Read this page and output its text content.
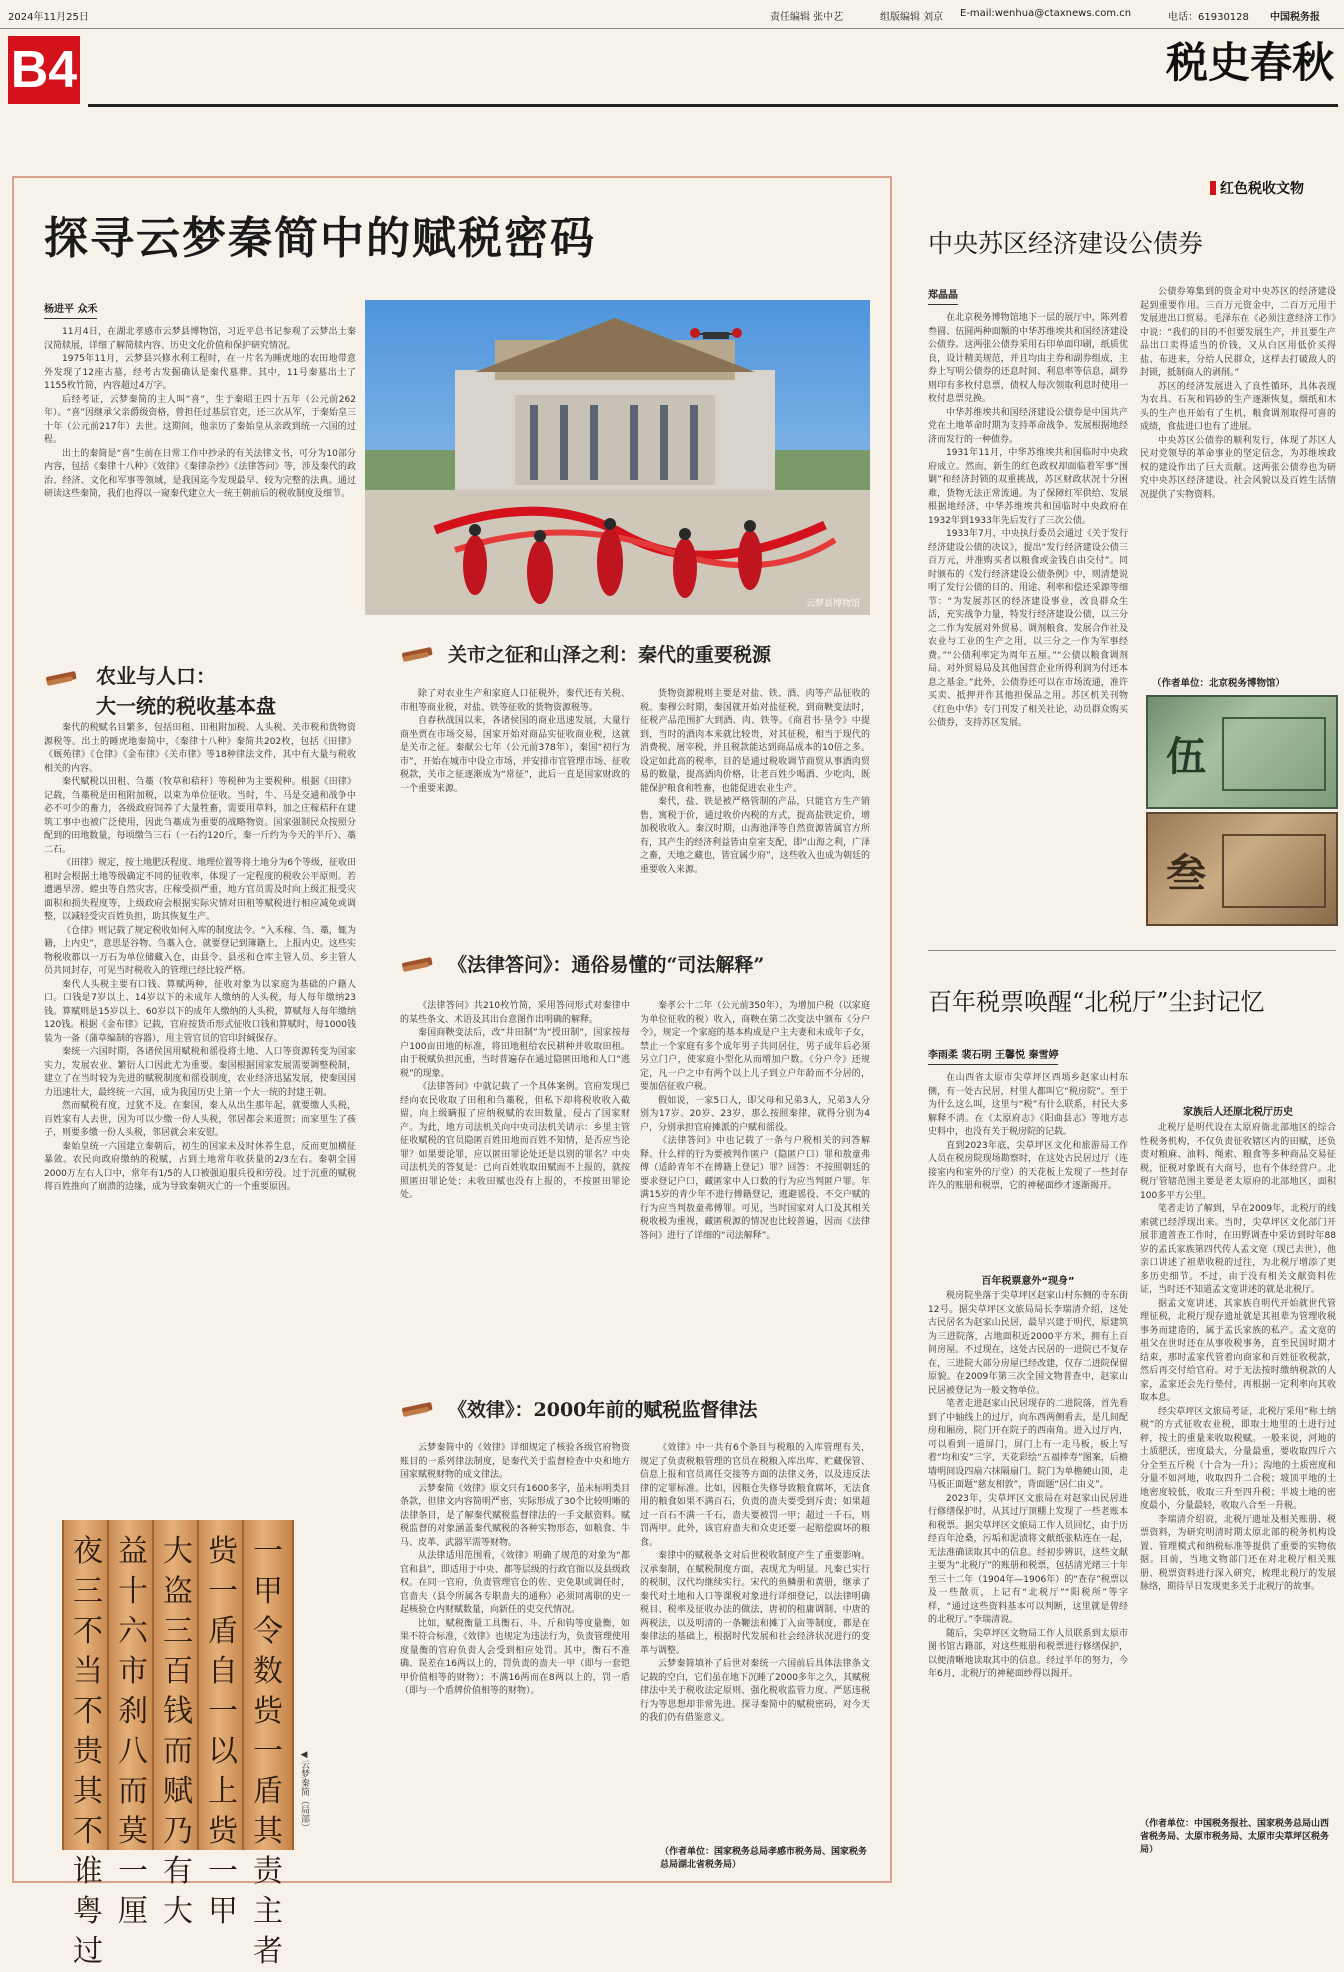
2024年11月25日	责任编辑 张中艺	组版编辑 刘京 E-mail:wenhua@ctaxnews.com.cn	电话：61930128 中国税务报
B4	税史春秋
探寻云梦秦简中的赋税密码
杨进平 众禾

11月4日，在湖北孝感市云梦县博物馆，习近平总书记参观了云梦出土秦汉简牍展，详细了解简牍内容、历史文化价值和保护研究情况。

1975年11月，云梦县兴修水利工程时，在一片名为睡虎地的农田地带意外发现了12座古墓，经考古发掘确认是秦代墓葬。其中，11号秦墓出土了1155枚竹简，内容超过4万字。

后经考证，云梦秦简的主人叫“喜”，生于秦昭王四十五年（公元前262年）。“喜”因继承父亲爵级资格，曾担任过基层官吏，还三次从军，于秦始皇三十年（公元前217年）去世。这期间，他亲历了秦始皇从亲政到统一六国的过程。

出土的秦简是“喜”生前在日常工作中抄录的有关法律文书，可分为10部分内容，包括《秦律十八种》《效律》《秦律杂抄》《法律答问》等，涉及秦代的政治、经济、文化和军事等领域，是我国迄今发现最早、较为完整的法典。通过研读这些秦简，我们也得以一窥秦代建立大一统王朝前后的税收制度及细节。

云梦县博物馆
农业与人口：
大一统的税收基本盘

秦代的税赋名目繁多，包括田租、田租附加税、人头税、关市税和货物资源税等。出土的睡虎地秦简中，《秦律十八种》秦简共202枚，包括《田律》《厩苑律》《仓律》《金布律》《关市律》等18种律法文件，其中有大量与税收相关的内容。

秦代赋税以田租、刍藁（牧草和秸秆）等税种为主要税种。根据《田律》记载，刍藁税是田租附加税，以束为单位征收。当时，牛、马是交通和战争中必不可少的畜力，各级政府饲养了大量牲畜，需要用草料，加之庄稼秸秆在建筑工事中也被广泛使用，因此刍藁成为重要的战略物资。国家强制民众按照分配到的田地数量，每顷缴刍三石（一石约120斤，秦一斤约为今天的半斤）、藁二石。

《田律》规定，按土地肥沃程度、地理位置等将土地分为6个等级，征收田租时会根据土地等级确定不同的征收率，体现了一定程度的税收公平原则。若遭遇旱涝、蝗虫等自然灾害，庄稼受损严重，地方官员需及时向上级汇报受灾面积和损失程度等，上级政府会根据实际灾情对田租等赋税进行相应减免或调整，以减轻受灾百姓负担，助其恢复生产。

《仓律》则记载了规定税收如何入库的制度法令。“入禾稼、刍、藁，辄为籍，上内史”，意思是谷物、刍藁入仓，就要登记到簿籍上，上报内史。这些实物税收都以一万石为单位储藏入仓，由县令、县丞和仓库主管人员、乡主管人员共同封存，可见当时税收入的管理已经比较严格。

秦代人头税主要有口钱、算赋两种，征收对象为以家庭为基础的户籍人口。口钱是7岁以上、14岁以下的未成年人缴纳的人头税，每人每年缴纳23钱。算赋则是15岁以上、60岁以下的成年人缴纳的人头税，算赋每人每年缴纳120钱。根据《金布律》记载，官府按货币形式征收口钱和算赋时，每1000钱装为一备（蒲草编制的容器），用主管官员的官印封缄保存。

秦统一六国时期，各诸侯国用赋税和徭役将土地、人口等资源转变为国家实力，发展农业、繁衍人口因此尤为重要。秦国根据国家发展需要调整税制，建立了在当时较为先进的赋税制度和徭役制度，农业经济迅猛发展，使秦国国力迅速壮大，最终统一六国，成为我国历史上第一个大一统的封建王朝。

然而赋税有度，过犹不及。在秦国，秦人从出生那年起，就要缴人头税，百姓家有人去世，因为可以少缴一份人头税，邻居都会来道贺；而家里生了孩子，则要多缴一份人头税，邻居就会来安慰。

秦始皇统一六国建立秦朝后，初生的国家未及时休养生息，反而更加横征暴敛。农民向政府缴纳的税赋，占到土地常年收获量的2/3左右。秦朝全国2000万左右人口中，常年有1/5的人口被强迫服兵役和劳役。过于沉重的赋税将百姓推向了崩溃的边缘，成为导致秦朝灭亡的一个重要原因。

夜三不当不贵其不谁粤过
益十六市刹八而莫一厘
大盗三百钱而赋乃有大
赀一盾自一以上赀一甲
一甲令数赀一盾其责主者
◀云梦秦简（局部）
关市之征和山泽之利：秦代的重要税源

除了对农业生产和家庭人口征税外，秦代还有关税、市租等商业税，对盐、铁等征收的货物资源税等。

自春秋战国以来，各诸侯国的商业迅速发展，大量行商坐贾在市场交易，国家开始对商品实征收商业税，这就是关市之征。秦献公七年（公元前378年），秦国“初行为市”，开始在城市中设立市场，并安排市官管理市场、征收税款，关市之征逐渐成为“常征”，此后一直是国家财政的一个重要来源。

货物资源税则主要是对盐、铁、酒、肉等产品征收的税。秦穆公时期，秦国就开始对盐征税，到商鞅变法时，征税产品范围扩大到酒、肉、铁等。《商君书·垦令》中提到，当时的酒肉本来就比较贵，对其征税，相当于现代的消费税、屠宰税，并且税款能达到商品成本的10倍之多。设定如此高的税率，目的是通过税收调节商贸从事酒肉贸易的数量，提高酒肉价格，让老百姓少喝酒、少吃肉，既能保护粮食和牲畜，也能促进农业生产。

秦代，盐、铁是被严格管制的产品，只能官方生产销售，寓税于价，通过收价内税的方式，提高盐铁定价，增加税收收入。秦汉时期，山海池泽等自然资源皆属官方所有，其产生的经济利益皆由皇室支配，即“山海之利，广泽之畜，天地之藏也，皆宜属少府”，这些收入也成为朝廷的重要收入来源。

《法律答问》：通俗易懂的“司法解释”

《法律答问》共210枚竹简，采用答问形式对秦律中的某些条文、术语及其出台意图作出明确的解释。

秦国商鞅变法后，改“井田制”为“授田制”，国家按每户100亩田地的标准，将田地租给农民耕种并收取田租。由于税赋负担沉重，当时普遍存在通过隐匿田地和人口“逃税”的现象。

《法律答问》中就记载了一个具体案例。官府发现已经向农民收取了田租和刍藁税，但私下却将税收收入截留，向上级瞒报了应纳税赋的农田数量，侵占了国家财产。为此，地方司法机关向中央司法机关请示：乡里主管征收赋税的官员隐匿百姓田地而百姓不知情，是否应当论罪？如果要论罪，应以匿田罪论处还是以别的罪名？中央司法机关的答复是：已向百姓收取田赋而不上报的，就按照匿田罪论处；未收田赋也没有上报的，不按匿田罪论处。

秦孝公十二年（公元前350年），为增加户税（以家庭为单位征收的税）收入，商鞅在第二次变法中颁布《分户令》，规定一个家庭的基本构成是户主夫妻和未成年子女，禁止一个家庭有多个成年男子共同居住，男子成年后必须另立门户，使家庭小型化从而增加户数。《分户令》还规定，凡一户之中有两个以上儿子到立户年龄而不分居的，要加倍征收户税。

假如说，一家5口人，即父母和兄弟3人，兄弟3人分别为17岁、20岁、23岁，那么按照秦律，就得分别为4户，分别承担官府摊派的户赋和徭役。

《法律答问》中也记载了一条与户税相关的问答解释。什么样的行为要被判作匿户（隐匿户口）罪和敖童弗傅（适龄青年不在傅籍上登记）罪？回答：不按照朝廷的要求登记户口，藏匿家中人口数的行为应当判匿户罪。年满15岁的青少年不进行傅籍登记，逃避徭役、不交户赋的行为应当判敖童弗傅罪。可见，当时国家对人口及其相关税收极为重视，藏匿税源的情况也比较普遍，因而《法律答问》进行了详细的“司法解释”。

《效律》：2000年前的赋税监督律法

云梦秦简中的《效律》详细规定了核验各级官府物资账目的一系列律法制度，是秦代关于监督检查中央和地方国家赋税财物的成文律法。

云梦秦简《效律》原文只有1600多字，虽未标明类目条款，但律文内容简明严密，实际形成了30个比较明晰的法律条目，是了解秦代赋税监督律法的一手文献资料。赋税监督的对象涵盖秦代赋税的各种实物形态，如粮食、牛马、皮革、武器军需等财物。

从法律适用范围看，《效律》明确了规范的对象为“都官和县”，即适用于中央、都等层级的行政官衙以及县级政权。在同一官府，负责管理官仓的佐、史免职或调任时，官啬夫（县令所属各专职啬夫的通称）必须同离职的史一起核验仓内财赋数量，向新任的吏交代情况。

比如，赋税衡量工具衡石、斗、斤和钩等度量衡，如果不符合标准，《效律》也规定为违法行为，负责管理使用度量衡的官府负责人会受到相应处罚。其中，衡石不准确、误差在16两以上的，罚负责的啬夫一甲（即与一套铠甲价值相等的财物）；不满16两而在8两以上的，罚一盾（即与一个盾牌价值相等的财物）。

《效律》中一共有6个条目与税粮的入库管理有关，规定了负责税粮管理的官员在税粮入库出库、贮藏保管、信息上报和官员离任交接等方面的法律义务，以及违反法律的定罪标准。比如，因粮仓失修导致粮食腐坏，无法食用的粮食如果不满百石，负责的啬夫要受到斥责；如果超过一百石不满一千石，啬夫要被罚一甲；超过一千石，则罚两甲。此外，该官府啬夫和众吏还要一起赔偿腐坏的粮食。

秦律中的赋税条文对后世税收制度产生了重要影响。汉承秦制，在赋税制度方面，表现尤为明显。凡秦已实行的税制，汉代均继续实行。宋代的鱼鳞册和黄册，继承了秦代对土地和人口等课税对象进行详细登记，以法律明确税目、税率及征收办法的做法，唐初的租庸调制、中唐的两税法，以及明清的一条鞭法和摊丁入亩等制度，都是在秦律法的基础上，根据时代发展和社会经济状况进行的变革与调整。

云梦秦简填补了后世对秦统一六国前后具体法律条文记载的空白，它们虽在地下沉睡了2000多年之久，其赋税律法中关于税收法定原则、强化税收监管力度、严惩违税行为等思想却非常先进。探寻秦简中的赋税密码，对今天的我们仍有借鉴意义。

（作者单位：国家税务总局孝感市税务局、国家税务总局湖北省税务局）
红色税收文物
中央苏区经济建设公债券
郑晶晶

在北京税务博物馆地下一层的展厅中，陈列着叁圆、伍圆两种面额的中华苏维埃共和国经济建设公债券。这两张公债券采用石印单面印刷，纸质优良，设计精美规范，并且均由主券和副券组成，主券上写明公债券的还息时间、利息率等信息，副券则印有多枚付息票，债权人每次领取利息时使用一枚付息票兑换。

中华苏维埃共和国经济建设公债券是中国共产党在土地革命时期为支持革命战争、发展根据地经济而发行的一种债券。

1931年11月，中华苏维埃共和国临时中央政府成立。然而，新生的红色政权却面临着军事“围剿”和经济封锁的双重挑战，苏区财政状况十分困难，货物无法正常流通。为了保障红军供给、发展根据地经济，中华苏维埃共和国临时中央政府在1932年到1933年先后发行了三次公债。

1933年7月，中央执行委员会通过《关于发行经济建设公债的决议》，提出“发行经济建设公债三百万元，并准购买者以粮食或金钱自由交付”。同时颁布的《发行经济建设公债条例》中，则清楚说明了发行公债的目的、用途、利率和偿还采源等细节：“为发展苏区的经济建设事业，改良群众生活，充实战争力量，特发行经济建设公债，以三分之二作为发展对外贸易、调剂粮食、发展合作社及农业与工业的生产之用，以三分之一作为军事经费。”“公债利率定为周年五厘。”“公债以粮食调剂局、对外贸易局及其他国营企业所得利润为付还本息之基金。”此外，公债券还可以在市场流通，准许买卖、抵押并作其他担保品之用。苏区机关刊物《红色中华》专门刊发了相关社论，动员群众购买公债券，支持苏区发展。

公债券筹集到的资金对中央苏区的经济建设起到重要作用。三百万元资金中，二百万元用于发展进出口贸易。毛泽东在《必须注意经济工作》中说：“我们的目的不但要发展生产，并且要生产品出口卖得适当的价钱，又从白区用低价买得盐、布进来，分给人民群众，这样去打破敌人的封锁，抵制商人的剥削。”

苏区的经济发展进入了良性循环，具体表现为农具、石灰和钨砂的生产逐渐恢复，烟纸和木头的生产也开始有了生机，粮食调剂取得可喜的成绩，食盐进口也有了进展。

中央苏区公债券的顺利发行，体现了苏区人民对党领导的革命事业的坚定信念，为苏维埃政权的建设作出了巨大贡献。这两张公债券也为研究中央苏区经济建设、社会风貌以及百姓生活情况提供了实物资料。

（作者单位：北京税务博物馆）
伍
叁
百年税票唤醒“北税厅”尘封记忆
李雨柔 裴石明 王馨悦 秦雪婷

在山西省太原市尖草坪区西墕乡赵家山村东侧，有一处古民居，村里人都叫它“税房院”。至于为什么这么叫，这里与“税”有什么联系，村民大多解释不清。在《太原府志》《阳曲县志》等地方志史料中，也没有关于税房院的记载。

直到2023年底，尖草坪区文化和旅游局工作人员在税房院现场勘察时，在这处古民居过厅（连接室内和室外的厅堂）的天花板上发现了一些封存许久的账册和税票，它的神秘面纱才逐渐揭开。

百年税票意外“现身”

税房院坐落于尖草坪区赵家山村东侧的寺东街12号。据尖草坪区文旅局局长李瑞清介绍，这处古民居名为赵家山民居，最早兴建于明代，原建筑为三进院落，占地面积近2000平方米，拥有上百间房屋。不过现在，这处古民居的一进院已不复存在，三进院大部分房屋已经改建，仅存二进院保留原貌。在2009年第三次全国文物普查中，赵家山民居被登记为一般文物单位。

笔者走进赵家山民居现存的二进院落，首先看到了中轴线上的过厅，向东西两侧看去，是几间配房和厢房，院门开在院子的西南角。进入过厅内，可以看到一道屏门，屏门上有一走马板，板上写着“均和安”三字，天花彩绘“五福捧寿”图案，后檐墙明间设四扇六抹隔扇门。院门为单檐硬山顶，走马板正面题“慈友相敦”，背面题“居仁由义”。

2023年，尖草坪区文旅局在对赵家山民居进行修缮保护时，从其过厅顶棚上发现了一些老账本和税票。据尖草坪区文旅局工作人员回忆，由于历经百年沧桑，污垢和泥渍将文献纸张粘连在一起，无法准确读取其中的信息。经初步辨识，这些文献主要为“北税厅”的账册和税票，包括清光绪三十年至三十二年（1904年—1906年）的“查存”税票以及一些散页，上记有“北税厅”“阳税所”等字样，“通过这些资料基本可以判断，这里就是曾经的北税厅。”李瑞清说。

随后，尖草坪区文物局工作人员联系到太原市图书馆古籍部，对这些账册和税票进行修缮保护，以便清晰地读取其中的信息。经过半年的努力，今年6月，北税厅的神秘面纱得以揭开。

家族后人还原北税厅历史

北税厅是明代设在太原府衙北部地区的综合性税务机构，不仅负责征收辖区内的田赋，还负责对粮麻、油料、绳索、粮食等多种商品交易征税，征税对象既有大商号，也有个体经营户。北税厅管辖范围主要是老太原府的北部地区，面积100多平方公里。

笔者走访了解到，早在2009年，北税厅的线索就已经浮现出来。当时，尖草坪区文化部门开展非遗普查工作时，在田野调查中采访到时年88岁的孟氏家族第四代传人孟文宽（现已去世），他亲口讲述了祖辈收税的过往，为北税厅增添了更多历史细节。不过，由于没有相关文献资料佐证，当时还不知道孟文宽讲述的就是北税厅。

据孟文宽讲述，其家族自明代开始就世代管理征税，北税厅现存遗址就是其祖辈为管理收税事务而建造的，属于孟氏家族的私产。孟文宽的祖父在世时还在从事收税事务，直至民国时期才结束，那时孟家代管着向商家和百姓征收税款，然后再交付给官府。对于无法按时缴纳税款的人家，孟家还会先行垫付，再根据一定利率向其收取本息。

经尖草坪区文旅局考证，北税厅采用“称土纳税”的方式征收农业税，即取土地里的土进行过秤，按土的重量来收取税赋。一般来说，河地的土质肥沃，密度最大，分量最重，要收取四斤六分全至五斤税（十合为一升）；沟地的土质密度和分量不如河地，收取四升二合税；坡顶平地的土地密度较低，收取三升至四升税；半坡土地的密度最小，分量最轻，收取八合至一升税。

李瑞清介绍说，北税厅遗址及相关账册、税票资料，为研究明清时期太原北部的税务机构设置、管理模式和纳税标准等提供了重要的实物依据。目前，当地文物部门还在对北税厅相关账册、税票资料进行深入研究，梳理北税厅的发展脉络，期待早日发现更多关于北税厅的故事。

（作者单位：中国税务报社、国家税务总局山西省税务局、太原市税务局、太原市尖草坪区税务局）
